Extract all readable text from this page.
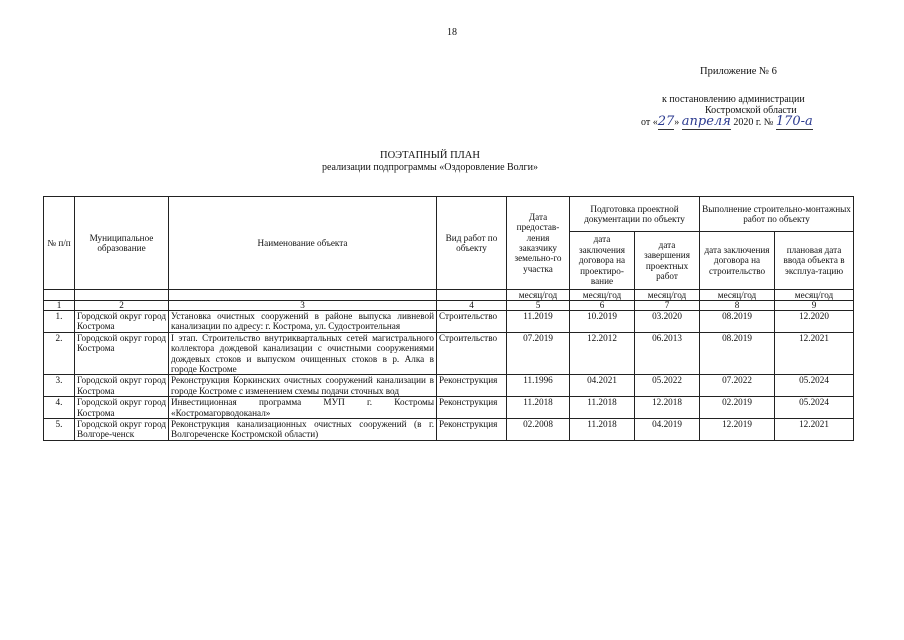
18
Приложение № 6
к постановлению администрации
Костромской области
от «27» апреля 2020 г. № 170-а
ПОЭТАПНЫЙ ПЛАН
реализации подпрограммы «Оздоровление Волги»
№ п/п	Муниципальное образование	Наименование объекта	Вид работ по объекту	Дата предостав-ления заказчику земельно-го участка	Подготовка проектной документации по объекту		Выполнение строительно-монтажных работ по объекту	
					дата заключения договора на проектиро-вание	дата завершения проектных работ	дата заключения договора на строительство	плановая дата ввода объекта в эксплуа-тацию
				месяц/год	месяц/год	месяц/год	месяц/год	месяц/год
1	2	3	4	5	6	7	8	9
1.	Городской округ город Кострома	Установка очистных сооружений в районе выпуска ливневой канализации по адресу: г. Кострома, ул. Судостроительная	Строительство	11.2019	10.2019	03.2020	08.2019	12.2020
2.	Городской округ город Кострома	I этап. Строительство внутриквартальных сетей магистрального коллектора дождевой канализации с очистными сооружениями дождевых стоков и выпуском очищенных стоков в р. Алка в городе Костроме	Строительство	07.2019	12.2012	06.2013	08.2019	12.2021
3.	Городской округ город Кострома	Реконструкция Коркинских очистных сооружений канализации в городе Костроме с изменением схемы подачи сточных вод	Реконструкция	11.1996	04.2021	05.2022	07.2022	05.2024
4.	Городской округ город Кострома	Инвестиционная программа МУП г. Костромы «Костромагорводоканал»	Реконструкция	11.2018	11.2018	12.2018	02.2019	05.2024
5.	Городской округ город Волгоре-ченск	Реконструкция канализационных очистных сооружений (в г. Волгореченске Костромской области)	Реконструкция	02.2008	11.2018	04.2019	12.2019	12.2021
